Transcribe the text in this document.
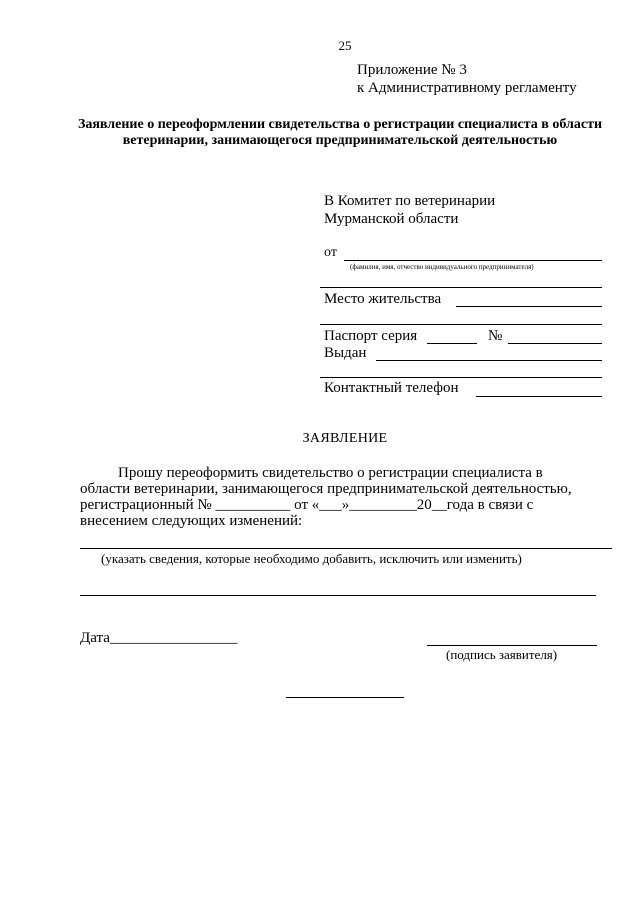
25
Приложение № 3
к Административному регламенту
Заявление о переоформлении свидетельства о регистрации специалиста в области ветеринарии, занимающегося предпринимательской деятельностью
В Комитет по ветеринарии
Мурманской области
от
(фамилия, имя, отчество индивидуального предпринимателя)
Место жительства
Паспорт серия	№
Выдан
Контактный телефон
ЗАЯВЛЕНИЕ
Прошу переоформить свидетельство о регистрации специалиста в
области ветеринарии, занимающегося предпринимательской деятельностью,
регистрационный № __________ от «___»_________20__года в связи с
внесением следующих изменений:
(указать сведения, которые необходимо добавить, исключить или изменить)
Дата_________________
(подпись заявителя)
